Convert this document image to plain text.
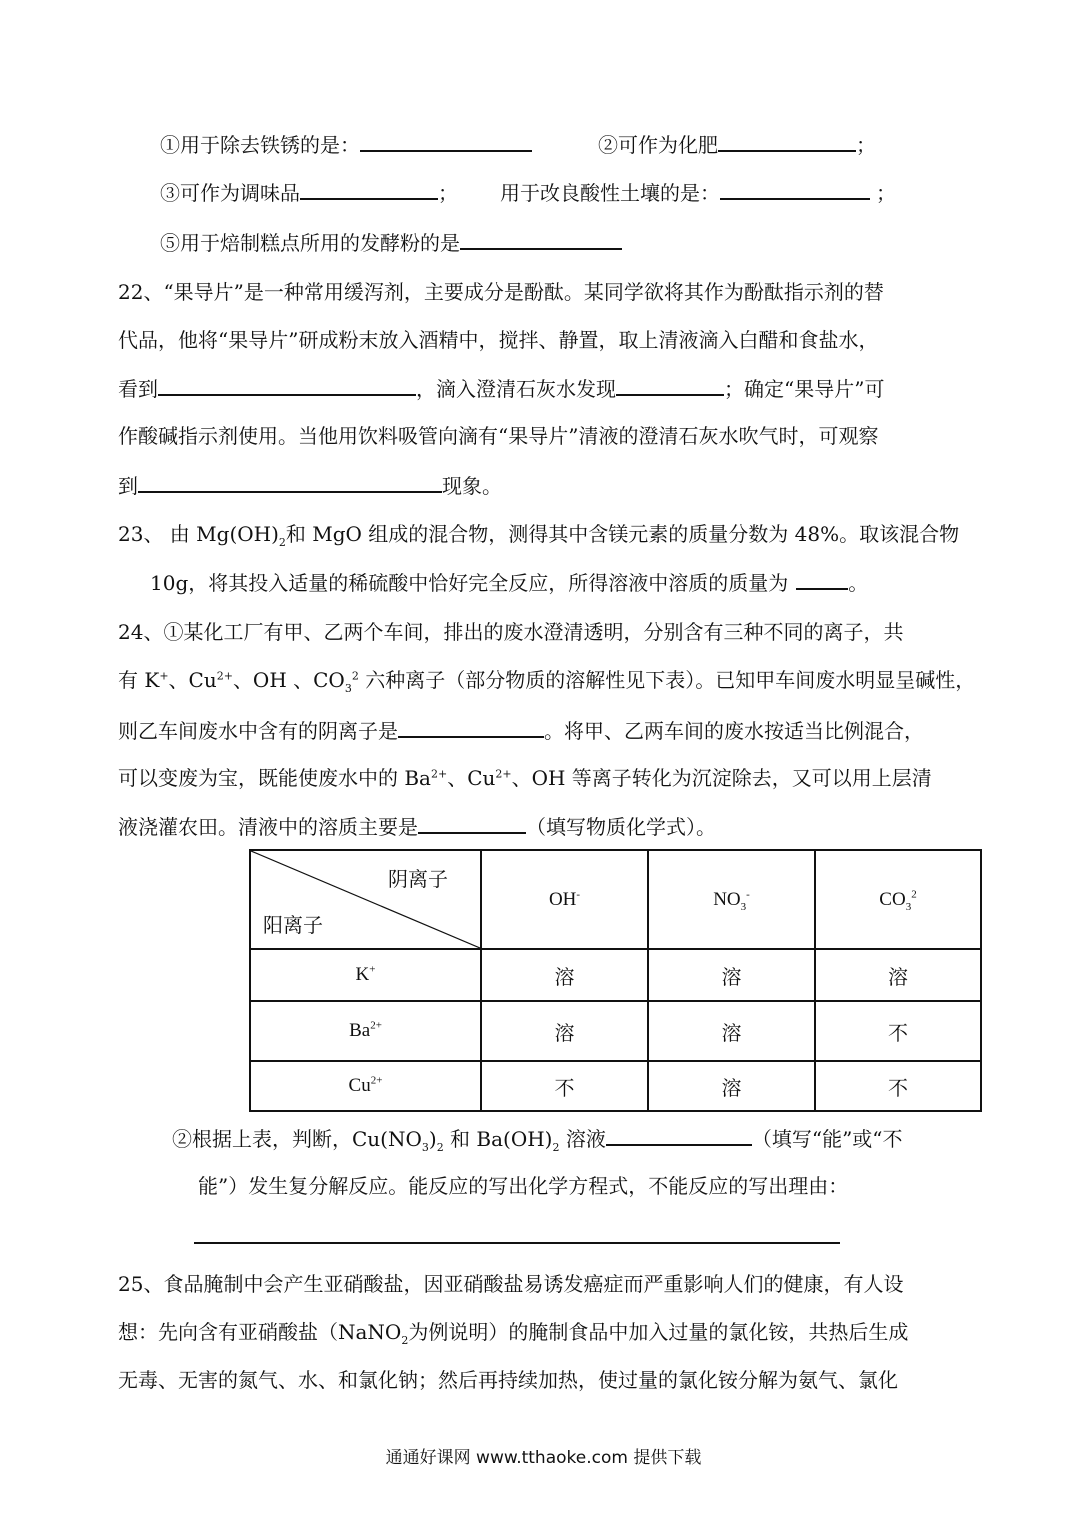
①用于除去铁锈的是：	②可作为化肥	；
③可作为调味品	； 用于改良酸性土壤的是：	；
⑤用于焙制糕点所用的发酵粉的是
22、“果导片”是一种常用缓泻剂，主要成分是酚酞。某同学欲将其作为酚酞指示剂的替
代品，他将“果导片”研成粉末放入酒精中，搅拌、静置，取上清液滴入白醋和食盐水，
看到	，滴入澄清石灰水发现	；确定“果导片”可
作酸碱指示剂使用。当他用饮料吸管向滴有“果导片”清液的澄清石灰水吹气时，可观察
到	现象。
23、 由 $Mg(OH)_2$和 MgO 组成的混合物，测得其中含镁元素的质量分数为 48%。取该混合物
10g，将其投入适量的稀硫酸中恰好完全反应，所得溶液中溶质的质量为	。
24、①某化工厂有甲、乙两个车间，排出的废水澄清透明，分别含有三种不同的离子，共
有 K+、$Cu^{2+}$、OH 、$CO_3^2$ 六种离子（部分物质的溶解性见下表）。已知甲车间废水明显呈碱性，
则乙车间废水中含有的阴离子是	。将甲、乙两车间的废水按适当比例混合，
可以变废为宝，既能使废水中的 $Ba^{2+}$、$Cu^{2+}$、OH 等离子转化为沉淀除去，又可以用上层清
液浇灌农田。清液中的溶质主要是	（填写物质化学式）。
阴离子
阳离子	OH-	$NO_3^-$	$CO_3^2$
K+	溶	溶	溶
$Ba^{2+}$	溶	溶	不
$Cu^{2+}$	不	溶	不
②根据上表，判断，$Cu(NO_3)_2$ 和 $Ba(OH)_2$ 溶液	（填写“能”或“不
能”）发生复分解反应。能反应的写出化学方程式，不能反应的写出理由：
25、食品腌制中会产生亚硝酸盐，因亚硝酸盐易诱发癌症而严重影响人们的健康，有人设
想：先向含有亚硝酸盐（NaNO$_2$为例说明）的腌制食品中加入过量的氯化铵，共热后生成
无毒、无害的氮气、水、和氯化钠；然后再持续加热，使过量的氯化铵分解为氨气、氯化
通通好课网 www.tthaoke.com 提供下载
